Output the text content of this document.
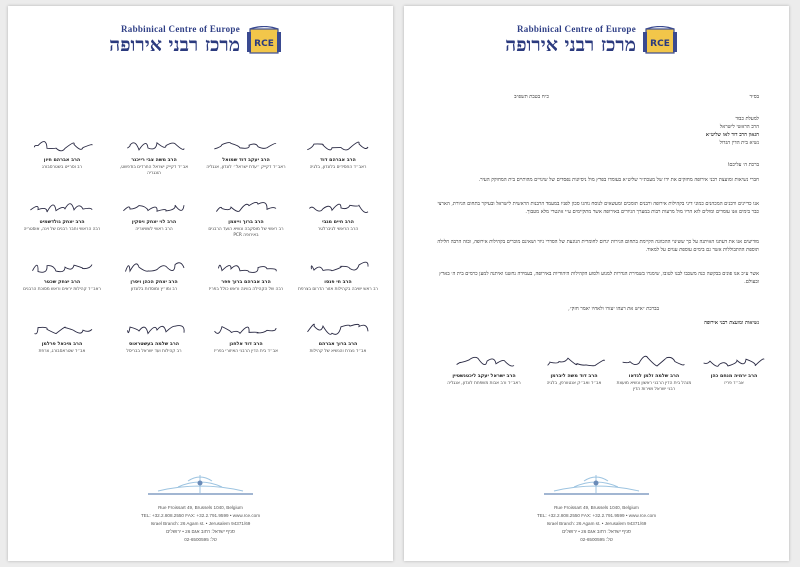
Rabbinical Centre of Europe
מרכז רבני אירופה RCE
הרב אברהם דוד
ראב״ד החסידים בלונדון, בלגיה
הרב יעקב דוד שמואל
ראב״ד דקייק ״עדת ישראל״ לונדון, אנגליה
הרב משה צבי רייכנר
אב״ד דקייק ישראל החרדים בודפשט, הונגריה
הרב אברהם חיון
רב וסרייט בשטרסבורג
הרב חיים מגבי
הרב הראשי לגיברלטר
הרב ברוך וייצמן
רב ראשי של מוסקבה ונשיא הועד הרבנים באירופה PCR
הרב לוי יצחק ויסקין
הרב ראשי לשוויצריה
הרב יצחק גולדשמיט
רבה הראשי וחבר רבנים של וינה, אוסטריה
הרב חי פנסו
רב ראש ישיבה בקהילות אזור הדרום בצרפת
הרב אברהם ברוך פפר
רבה של הקהילה בווינה וראש כולל בפריז
הרב יצחק הכהן ויסרן
רב ומו״ץ ומוסדות בלונדון
הרב יצחק שכטר
ראב״ד קהילות יראים וראש מסוכת הרבנים
הרב ברוך אברהם
אב״ד נצרת והנשיא של קהילות
הרב דוד אלחנן
אב״ד בית הדין הרבני האיזורי בפריז
הרב שלמה בעשטראוס
רב קהילות ועד ישראל בבריסל
הרב מיכאל פרלמן
אב״ד שטראסבורג, צרפת
Rue Froissart 49, Brussels 1040, Belgium
TEL: +32.2.808.2550 FAX: +32.2.791.9599 • www.rce.com
Israel Branch: 26 Agam st. • Jerusalem 94371/69
סניף ישראל: רחוב אגם 26 • ירושלים
02-6500595 :טל
Rabbinical Centre of Europe
מרכז רבני אירופה RCE
בס״ד
כ״ח בטבת תשפ״ב
למעלת כבוד
הרב הראשי לישראל
הגאון הרב דוד לאו שליט״א
נשיא בית הדין הגדול
ברכת ה׳ עליכם!
חברי נשיאות ומועצת רבני אירופה מחזקים את ידו של מעכת״ר שליט״א בעומדו בפרץ מול ניסיונות נפסדים של שינויים מהותיים בית המחוקק העיר.
אנו כדיינים ורבנים המכהנים כמוני דיני בקהילות אירופה ורבנים תומכים ומעשאים לנוסח נוהגו סכון לפניו במעמד הרבנות הראשית לישראל ובעיקר בתחום הגיורת, הארצי כבר בימים אנו עומדים ומולים לוא הריו מול מרעות רבות במערך הגיורים באירופה אשר מתקיימים ע״י אינטרי מלא מטבוך.
מודיעים אנו את דעתנו האיתנה על כך ששינוי ההכוונה הקיימת בתחום הגירות יגרום לחומרית הנוגעת של הסדרי גיור ושאינם מוכרים בקהילות אירופה, ובזה הרבה חלילה תוספת ההתבוללות אשר גם בימים עוספת ענוים על למאוד.
אשר ע״כ אנו פונים בבקשה כנה משכבו לבנו לטובו, שימנרו בשמירת הגדרות למנוע ולסוע הקהילות היהודיות באירופה, בעמידה נחשנו ואיתנה למען כרמים בית ה׳ בארץ ובעולם.
בברכת ״איש את רעהו יעזרו ולאחיו יאמר חזק״,
נשיאות ומועצת רבני אירופה
הרב ירמיה מנחם כהן
אב״ד פריז
הרב שלמה זלמן לנדאו
מנהל בית הדין הרבני ראשון ונשיא מועצת רבני ישראל ושירות הדין
הרב דוד משה ליברמן
אב״ד ואב״ק אנטוורפן, בלגיה
הרב ישראל יעקב ליכטנשטיין
ראב״ד ורב אבות משפחת לונדון, אנגליה
Rue Froissart 49, Brussels 1040, Belgium
TEL: +32.2.808.2550 FAX: +32.2.791.9599 • www.rce.com
Israel Branch: 26 Agam st. • Jerusalem 94371/69
סניף ישראל: רחוב אגם 26 • ירושלים
02-6500595 :טל
